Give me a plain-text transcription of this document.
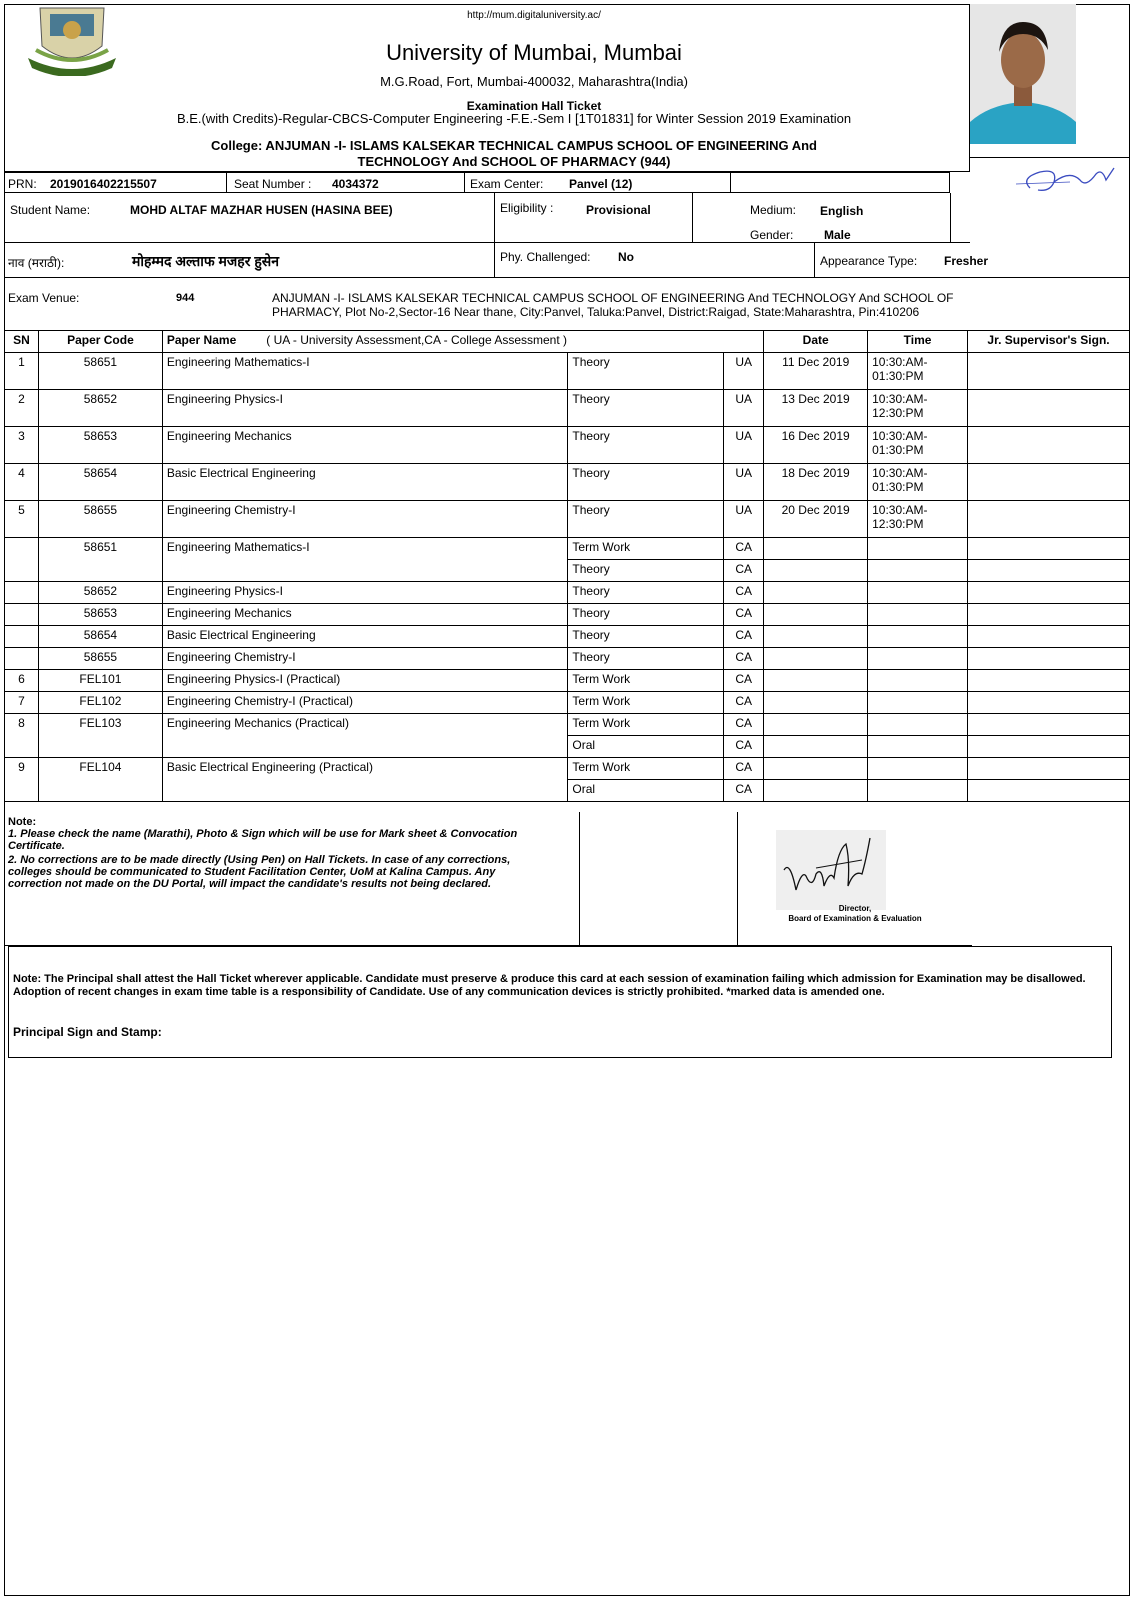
http://mum.digitaluniversity.ac/
University of Mumbai, Mumbai
M.G.Road, Fort, Mumbai-400032, Maharashtra(India)
Examination Hall Ticket
B.E.(with Credits)-Regular-CBCS-Computer Engineering -F.E.-Sem I [1T01831] for Winter Session 2019 Examination
College: ANJUMAN -I- ISLAMS KALSEKAR TECHNICAL CAMPUS SCHOOL OF ENGINEERING And
TECHNOLOGY And SCHOOL OF PHARMACY (944)
PRN: 2019016402215507	Seat Number : 4034372	Exam Center: Panvel (12)
Student Name:	MOHD ALTAF MAZHAR HUSEN (HASINA BEE)	Eligibility :	Provisional	Medium: English
Gender:	Male
नाव (मराठी):	मोहम्मद अल्ताफ मजहर हुसेन	Phy. Challenged: No	Appearance Type: Fresher
Exam Venue:	944	ANJUMAN -I- ISLAMS KALSEKAR TECHNICAL CAMPUS SCHOOL OF ENGINEERING And TECHNOLOGY And SCHOOL OF
PHARMACY, Plot No-2,Sector-16 Near thane, City:Panvel, Taluka:Panvel, District:Raigad, State:Maharashtra, Pin:410206
SN	Paper Code	Paper Name ( UA - University Assessment,CA - College Assessment )			Date	Time	Jr. Supervisor's Sign.
1	58651	Engineering Mathematics-I	Theory	UA	11 Dec 2019	10:30:AM-
01:30:PM	
2	58652	Engineering Physics-I	Theory	UA	13 Dec 2019	10:30:AM-
12:30:PM	
3	58653	Engineering Mechanics	Theory	UA	16 Dec 2019	10:30:AM-
01:30:PM	
4	58654	Basic Electrical Engineering	Theory	UA	18 Dec 2019	10:30:AM-
01:30:PM	
5	58655	Engineering Chemistry-I	Theory	UA	20 Dec 2019	10:30:AM-
12:30:PM	
	58651	Engineering Mathematics-I	Term Work	CA			
			Theory	CA			
	58652	Engineering Physics-I	Theory	CA			
	58653	Engineering Mechanics	Theory	CA			
	58654	Basic Electrical Engineering	Theory	CA			
	58655	Engineering Chemistry-I	Theory	CA			
6	FEL101	Engineering Physics-I (Practical)	Term Work	CA			
7	FEL102	Engineering Chemistry-I (Practical)	Term Work	CA			
8	FEL103	Engineering Mechanics (Practical)	Term Work	CA			
			Oral	CA			
9	FEL104	Basic Electrical Engineering (Practical)	Term Work	CA			
			Oral	CA			
Note:
1. Please check the name (Marathi), Photo & Sign which will be use for Mark sheet & Convocation Certificate.
2. No corrections are to be made directly (Using Pen) on Hall Tickets. In case of any corrections, colleges should be communicated to Student Facilitation Center, UoM at Kalina Campus. Any correction not made on the DU Portal, will impact the candidate's results not being declared.
Director,
Board of Examination & Evaluation
Note: The Principal shall attest the Hall Ticket wherever applicable. Candidate must preserve & produce this card at each session of examination failing which admission for Examination may be disallowed. Adoption of recent changes in exam time table is a responsibility of Candidate. Use of any communication devices is strictly prohibited. *marked data is amended one.
Principal Sign and Stamp:
